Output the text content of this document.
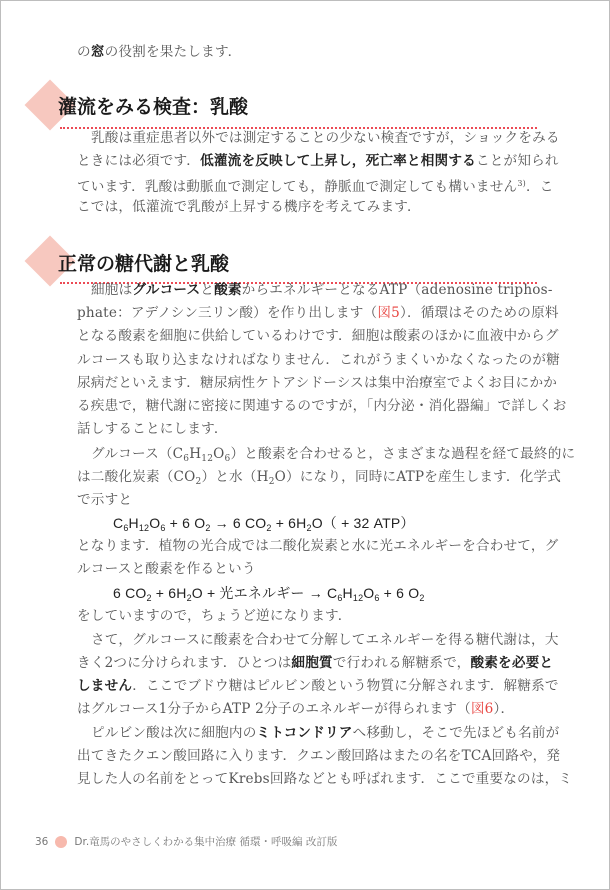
灌流をみる検査：乳酸
正常の糖代謝と乳酸
の窓の役割を果たします．
乳酸は重症患者以外では測定することの少ない検査ですが，ショックをみる
ときには必須です．低灌流を反映して上昇し，死亡率と相関することが知られ
ています．乳酸は動脈血で測定しても，静脈血で測定しても構いません$^{3)}$．こ
こでは，低灌流で乳酸が上昇する機序を考えてみます．
細胞はグルコースと酸素からエネルギーとなるATP（adenosine triphos-
phate：アデノシン三リン酸）を作り出します（図5）．循環はそのための原料
となる酸素を細胞に供給しているわけです．細胞は酸素のほかに血液中からグ
ルコースも取り込まなければなりません．これがうまくいかなくなったのが糖
尿病だといえます．糖尿病性ケトアシドーシスは集中治療室でよくお目にかか
る疾患で，糖代謝に密接に関連するのですが，「内分泌・消化器編」で詳しくお
話しすることにします．
グルコース$(C_6H_{12}O_6)$と酸素を合わせると，さまざまな過程を経て最終的に
は二酸化炭素$(CO_2)$と水$(H_2O)$になり，同時にATPを産生します．化学式
で示すと
$C_6H_{12}O_6 + 6$ $O_2 \to 6$ $CO_2 + 6H_2O( + 32$ ATP）
となります．植物の光合成では二酸化炭素と水に光エネルギーを合わせて，グ
ルコースと酸素を作るという
6 $CO_2 + 6H_2O$ + 光エネルギー → $C_6H_{12}O_6 + 6$ $O_2$
をしていますので，ちょうど逆になります．
さて，グルコースに酸素を合わせて分解してエネルギーを得る糖代謝は，大
きく2つに分けられます．ひとつは細胞質で行われる解糖系で，酸素を必要と
しません．ここでブドウ糖はピルビン酸という物質に分解されます．解糖系で
はグルコース1分子からATP 2分子のエネルギーが得られます（図6）．
ピルビン酸は次に細胞内のミトコンドリアへ移動し，そこで先ほども名前が
出てきたクエン酸回路に入ります．クエン酸回路はまたの名をTCA回路や，発
見した人の名前をとってKrebs回路などとも呼ばれます．ここで重要なのは，ミ
36 Dr.竜馬のやさしくわかる集中治療 循環・呼吸編 改訂版
